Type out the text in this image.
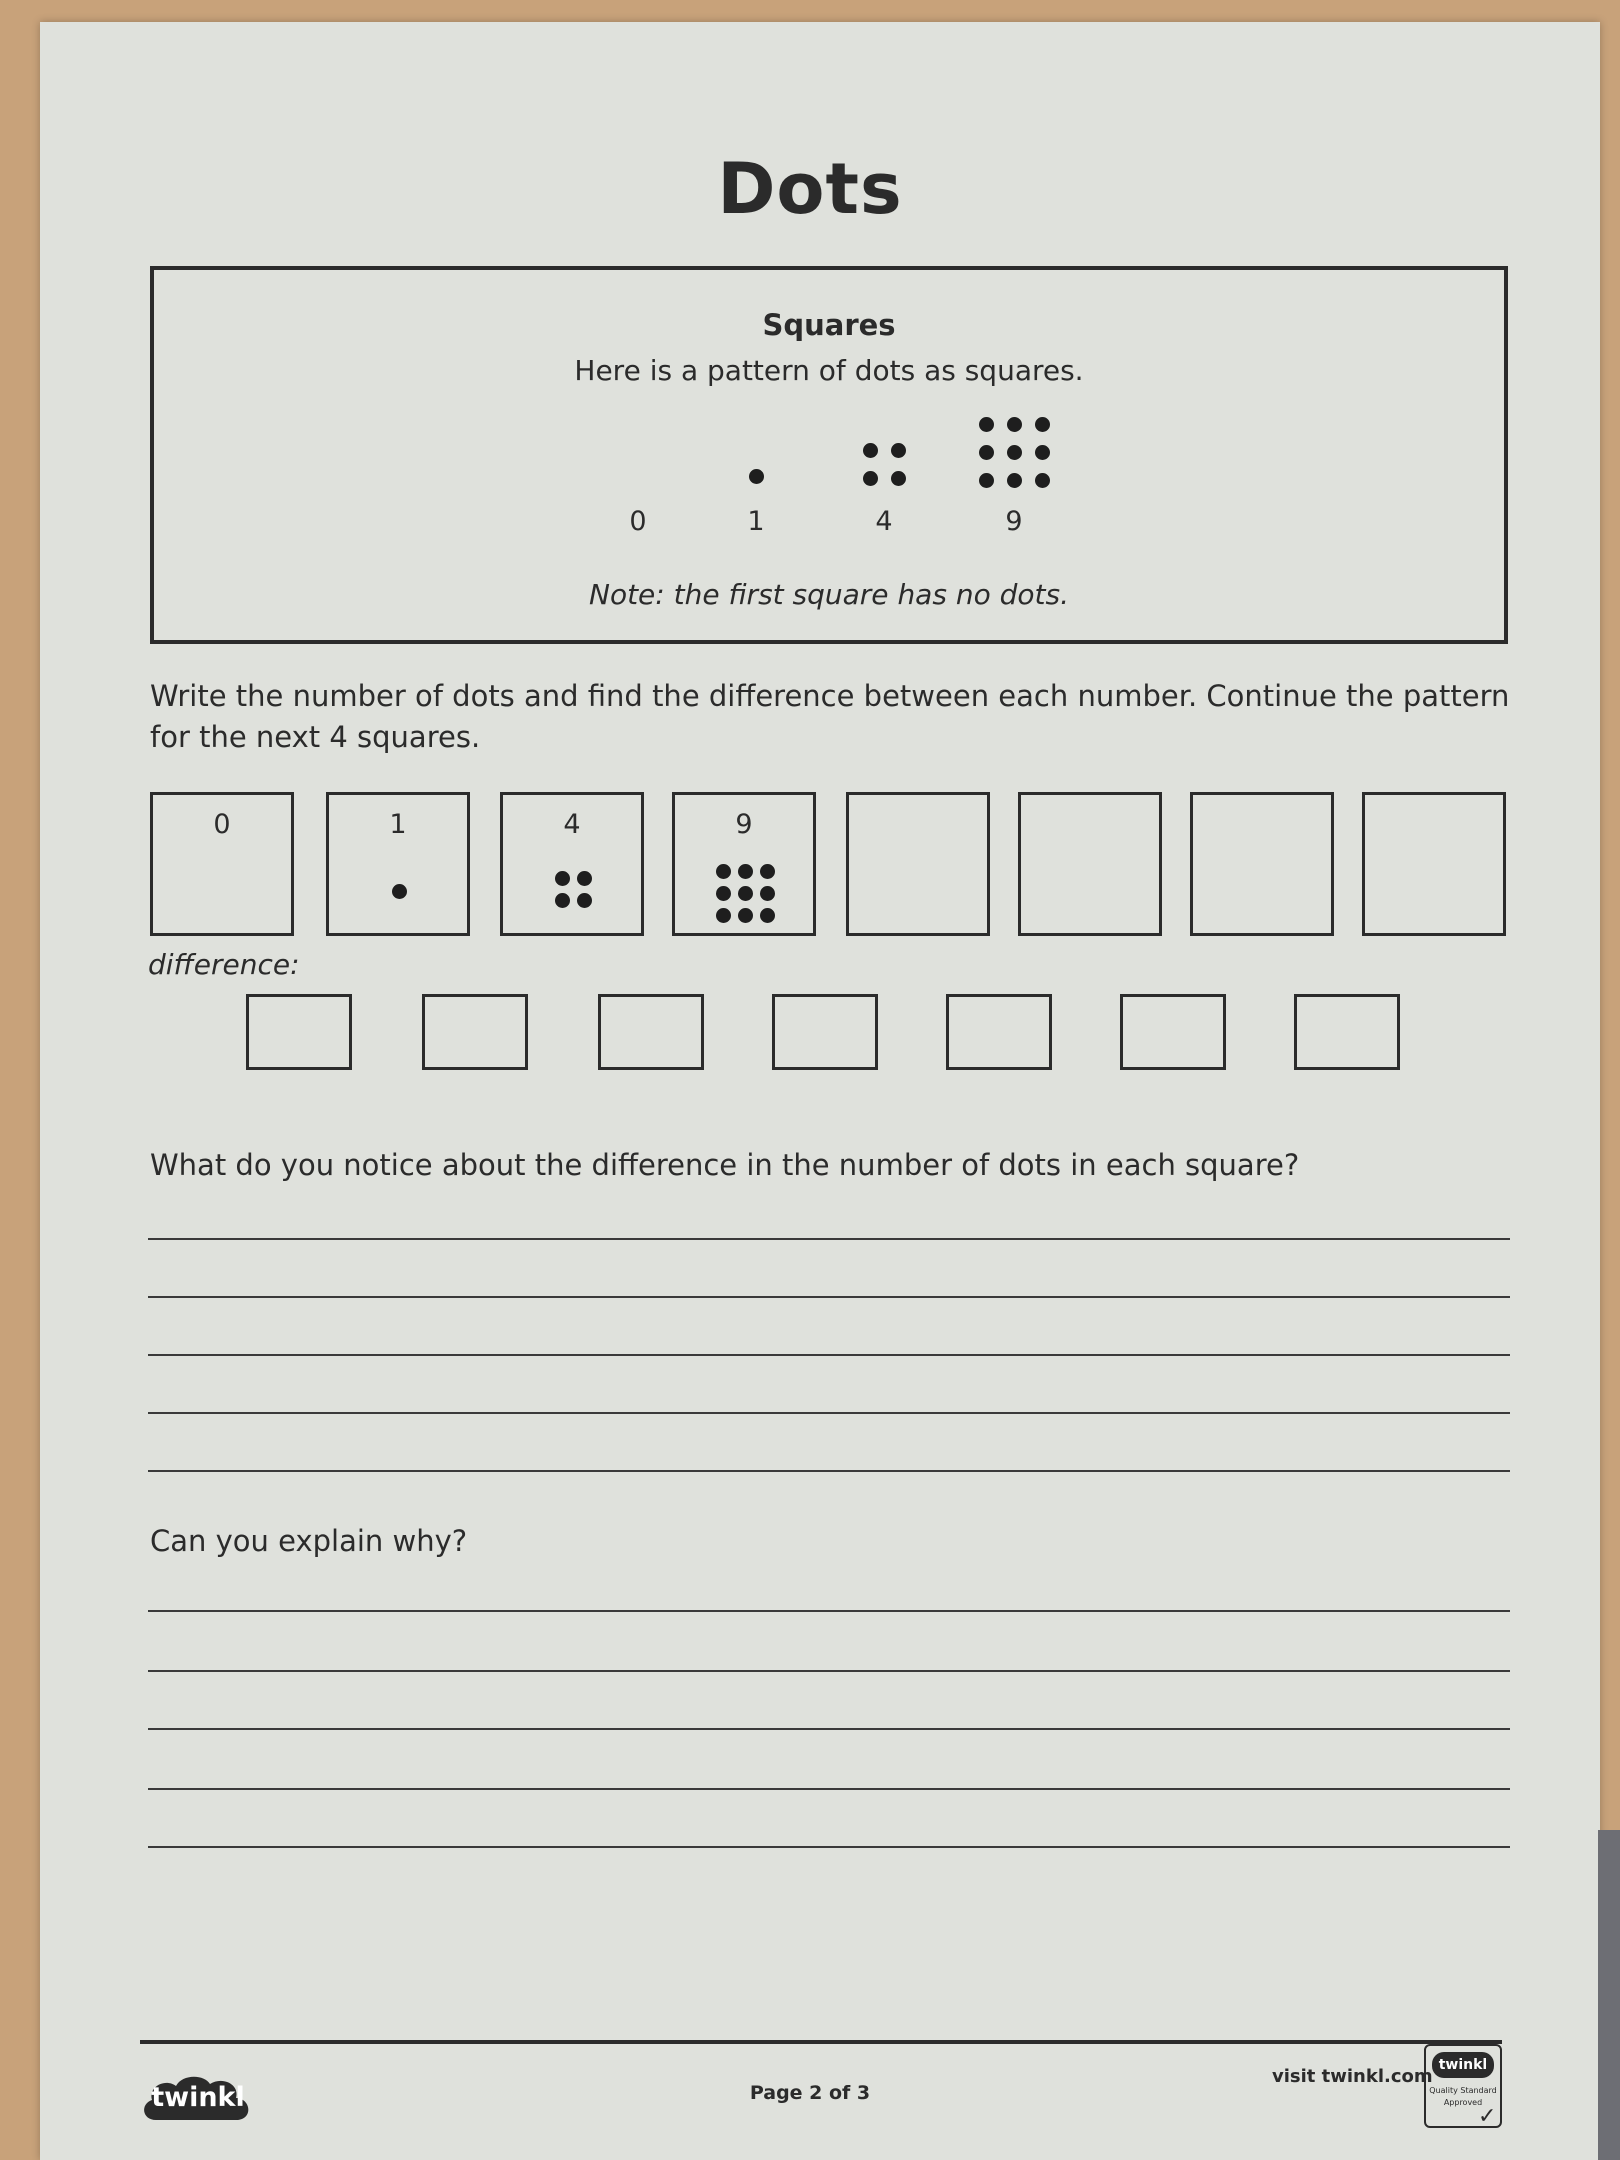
Dots
Squares
Here is a pattern of dots as squares.
Note: the first square has no dots.
0	1	4	9
Write the number of dots and find the difference between each number. Continue the pattern for the next 4 squares.
0	1	4	9
difference:
What do you notice about the difference in the number of dots in each square?
Can you explain why?
twinkl	Page 2 of 3
visit twinkl.com
twinkl
Quality Standard
Approved
✓
